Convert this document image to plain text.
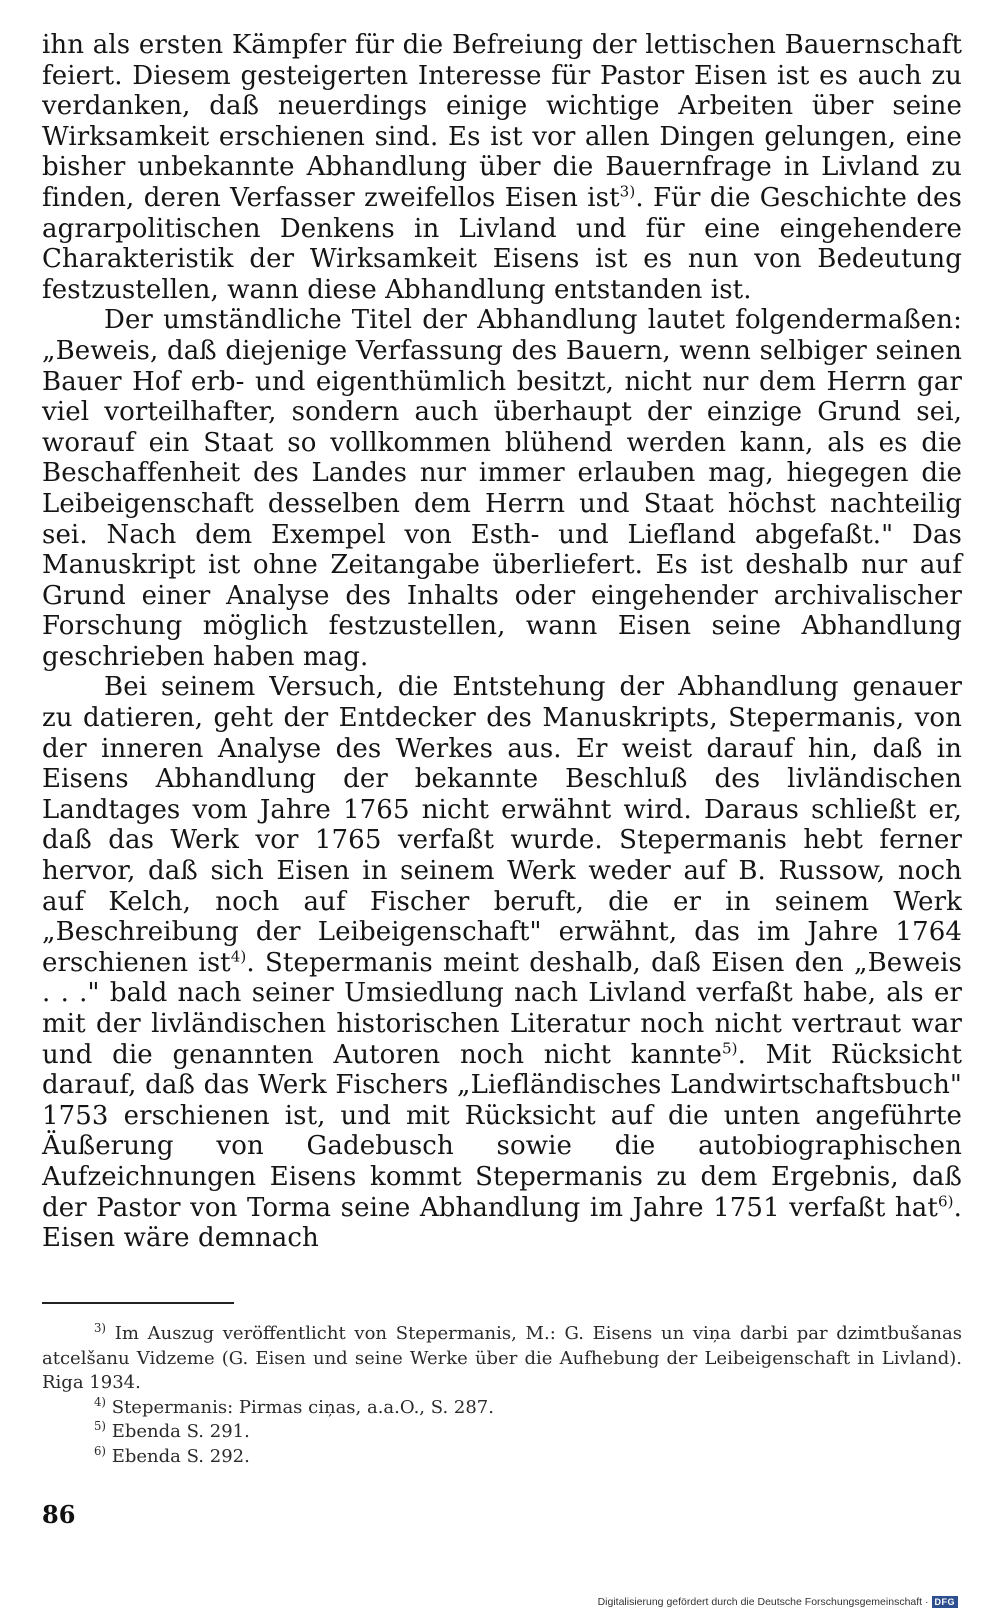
ihn als ersten Kämpfer für die Befreiung der lettischen Bauernschaft feiert. Diesem gesteigerten Interesse für Pastor Eisen ist es auch zu verdanken, daß neuerdings einige wichtige Arbeiten über seine Wirksamkeit erschienen sind. Es ist vor allen Dingen gelungen, eine bisher unbekannte Abhandlung über die Bauernfrage in Livland zu finden, deren Verfasser zweifellos Eisen ist$^{3)}$. Für die Geschichte des agrarpolitischen Denkens in Livland und für eine eingehendere Charakteristik der Wirksamkeit Eisens ist es nun von Bedeutung festzustellen, wann diese Abhandlung entstanden ist.

Der umständliche Titel der Abhandlung lautet folgendermaßen: „Beweis, daß diejenige Verfassung des Bauern, wenn selbiger seinen Bauer Hof erb- und eigenthümlich besitzt, nicht nur dem Herrn gar viel vorteilhafter, sondern auch überhaupt der einzige Grund sei, worauf ein Staat so vollkommen blühend werden kann, als es die Beschaffenheit des Landes nur immer erlauben mag, hiegegen die Leibeigenschaft desselben dem Herrn und Staat höchst nachteilig sei. Nach dem Exempel von Esth- und Liefland abgefaßt." Das Manuskript ist ohne Zeitangabe überliefert. Es ist deshalb nur auf Grund einer Analyse des Inhalts oder eingehender archivalischer Forschung möglich festzustellen, wann Eisen seine Abhandlung geschrieben haben mag.

Bei seinem Versuch, die Entstehung der Abhandlung genauer zu datieren, geht der Entdecker des Manuskripts, Stepermanis, von der inneren Analyse des Werkes aus. Er weist darauf hin, daß in Eisens Abhandlung der bekannte Beschluß des livländischen Landtages vom Jahre 1765 nicht erwähnt wird. Daraus schließt er, daß das Werk vor 1765 verfaßt wurde. Stepermanis hebt ferner hervor, daß sich Eisen in seinem Werk weder auf B. Russow, noch auf Kelch, noch auf Fischer beruft, die er in seinem Werk „Beschreibung der Leibeigenschaft" erwähnt, das im Jahre 1764 erschienen ist$^{4)}$. Stepermanis meint deshalb, daß Eisen den „Beweis . . ." bald nach seiner Umsiedlung nach Livland verfaßt habe, als er mit der livländischen historischen Literatur noch nicht vertraut war und die genannten Autoren noch nicht kannte$^{5)}$. Mit Rücksicht darauf, daß das Werk Fischers „Liefländisches Landwirtschaftsbuch" 1753 erschienen ist, und mit Rücksicht auf die unten angeführte Äußerung von Gadebusch sowie die autobiographischen Aufzeichnungen Eisens kommt Stepermanis zu dem Ergebnis, daß der Pastor von Torma seine Abhandlung im Jahre 1751 verfaßt hat$^{6)}$. Eisen wäre demnach

$^{3)}$ Im Auszug veröffentlicht von Stepermanis, M.: G. Eisens un viņa darbi par dzimtbušanas atcelšanu Vidzeme (G. Eisen und seine Werke über die Aufhebung der Leibeigenschaft in Livland). Riga 1934.

$^{4)}$ Stepermanis: Pirmas ciņas, a.a.O., S. 287.

$^{5)}$ Ebenda S. 291.

$^{6)}$ Ebenda S. 292.

86
Digitalisierung gefördert durch die Deutsche Forschungsgemeinschaft · DFG
